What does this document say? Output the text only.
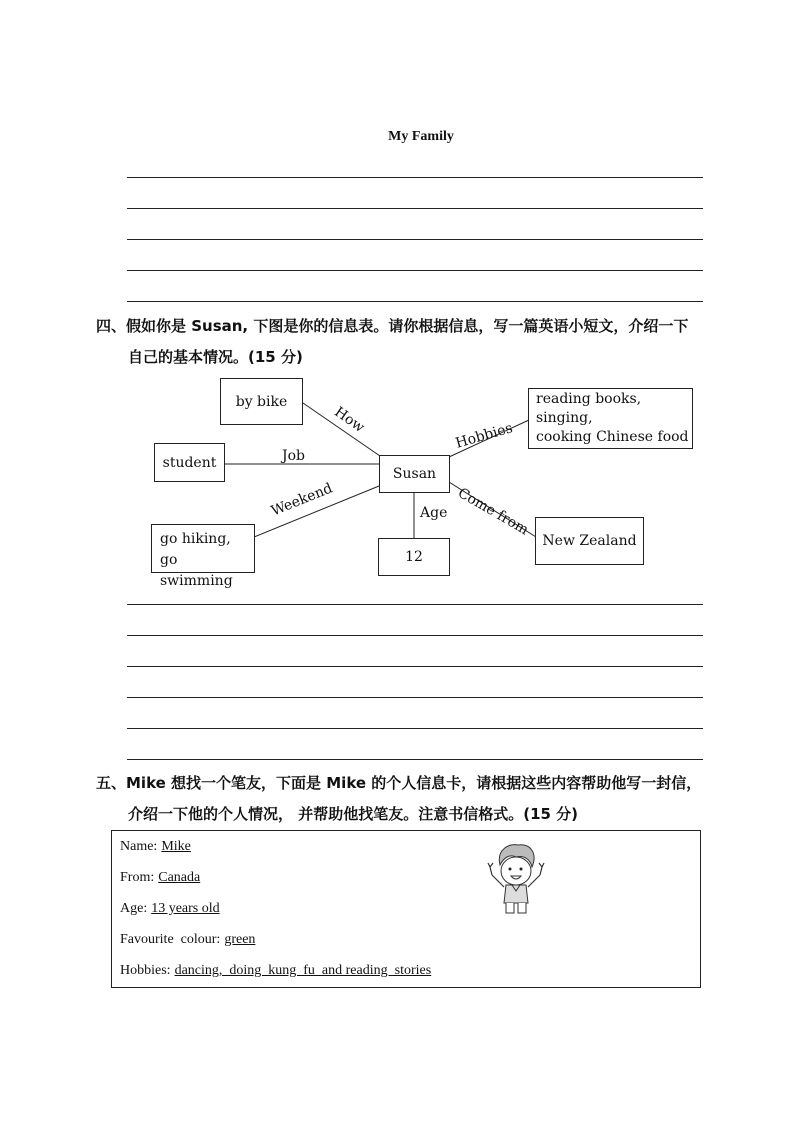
My Family
四、假如你是 Susan, 下图是你的信息表。请你根据信息，写一篇英语小短文，介绍一下
自己的基本情况。(15 分)
Susan
by bike
How
student	Job
go hiking,
go swimming
Weekend
12
Age
reading books,
singing,
cooking Chinese food
Hobbies
New Zealand
Come from
五、Mike 想找一个笔友，下面是 Mike 的个人信息卡，请根据这些内容帮助他写一封信，
介绍一下他的个人情况， 并帮助他找笔友。注意书信格式。(15 分)
Name: Mike
From: Canada
Age: 13 years old
Favourite  colour: green
Hobbies: dancing,  doing  kung  fu  and reading  stories
